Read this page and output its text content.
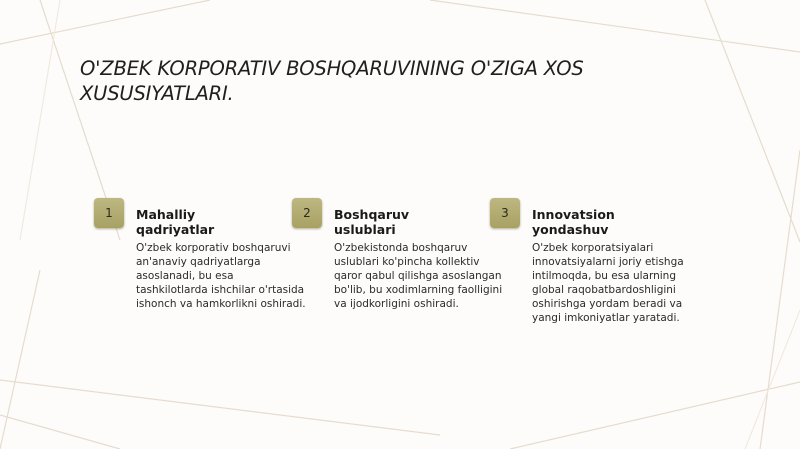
O'ZBEK KORPORATIV BOSHQARUVINING O'ZIGA XOS XUSUSIYATLARI.
1	Mahalliy qadriyatlar

O'zbek korporativ boshqaruvi an'anaviy qadriyatlarga asoslanadi, bu esa tashkilotlarda ishchilar o'rtasida ishonch va hamkorlikni oshiradi.

2	Boshqaruv uslublari

O'zbekistonda boshqaruv uslublari ko'pincha kollektiv qaror qabul qilishga asoslangan bo'lib, bu xodimlarning faolligini va ijodkorligini oshiradi.

3	Innovatsion yondashuv

O'zbek korporatsiyalari innovatsiyalarni joriy etishga intilmoqda, bu esa ularning global raqobatbardoshligini oshirishga yordam beradi va yangi imkoniyatlar yaratadi.
